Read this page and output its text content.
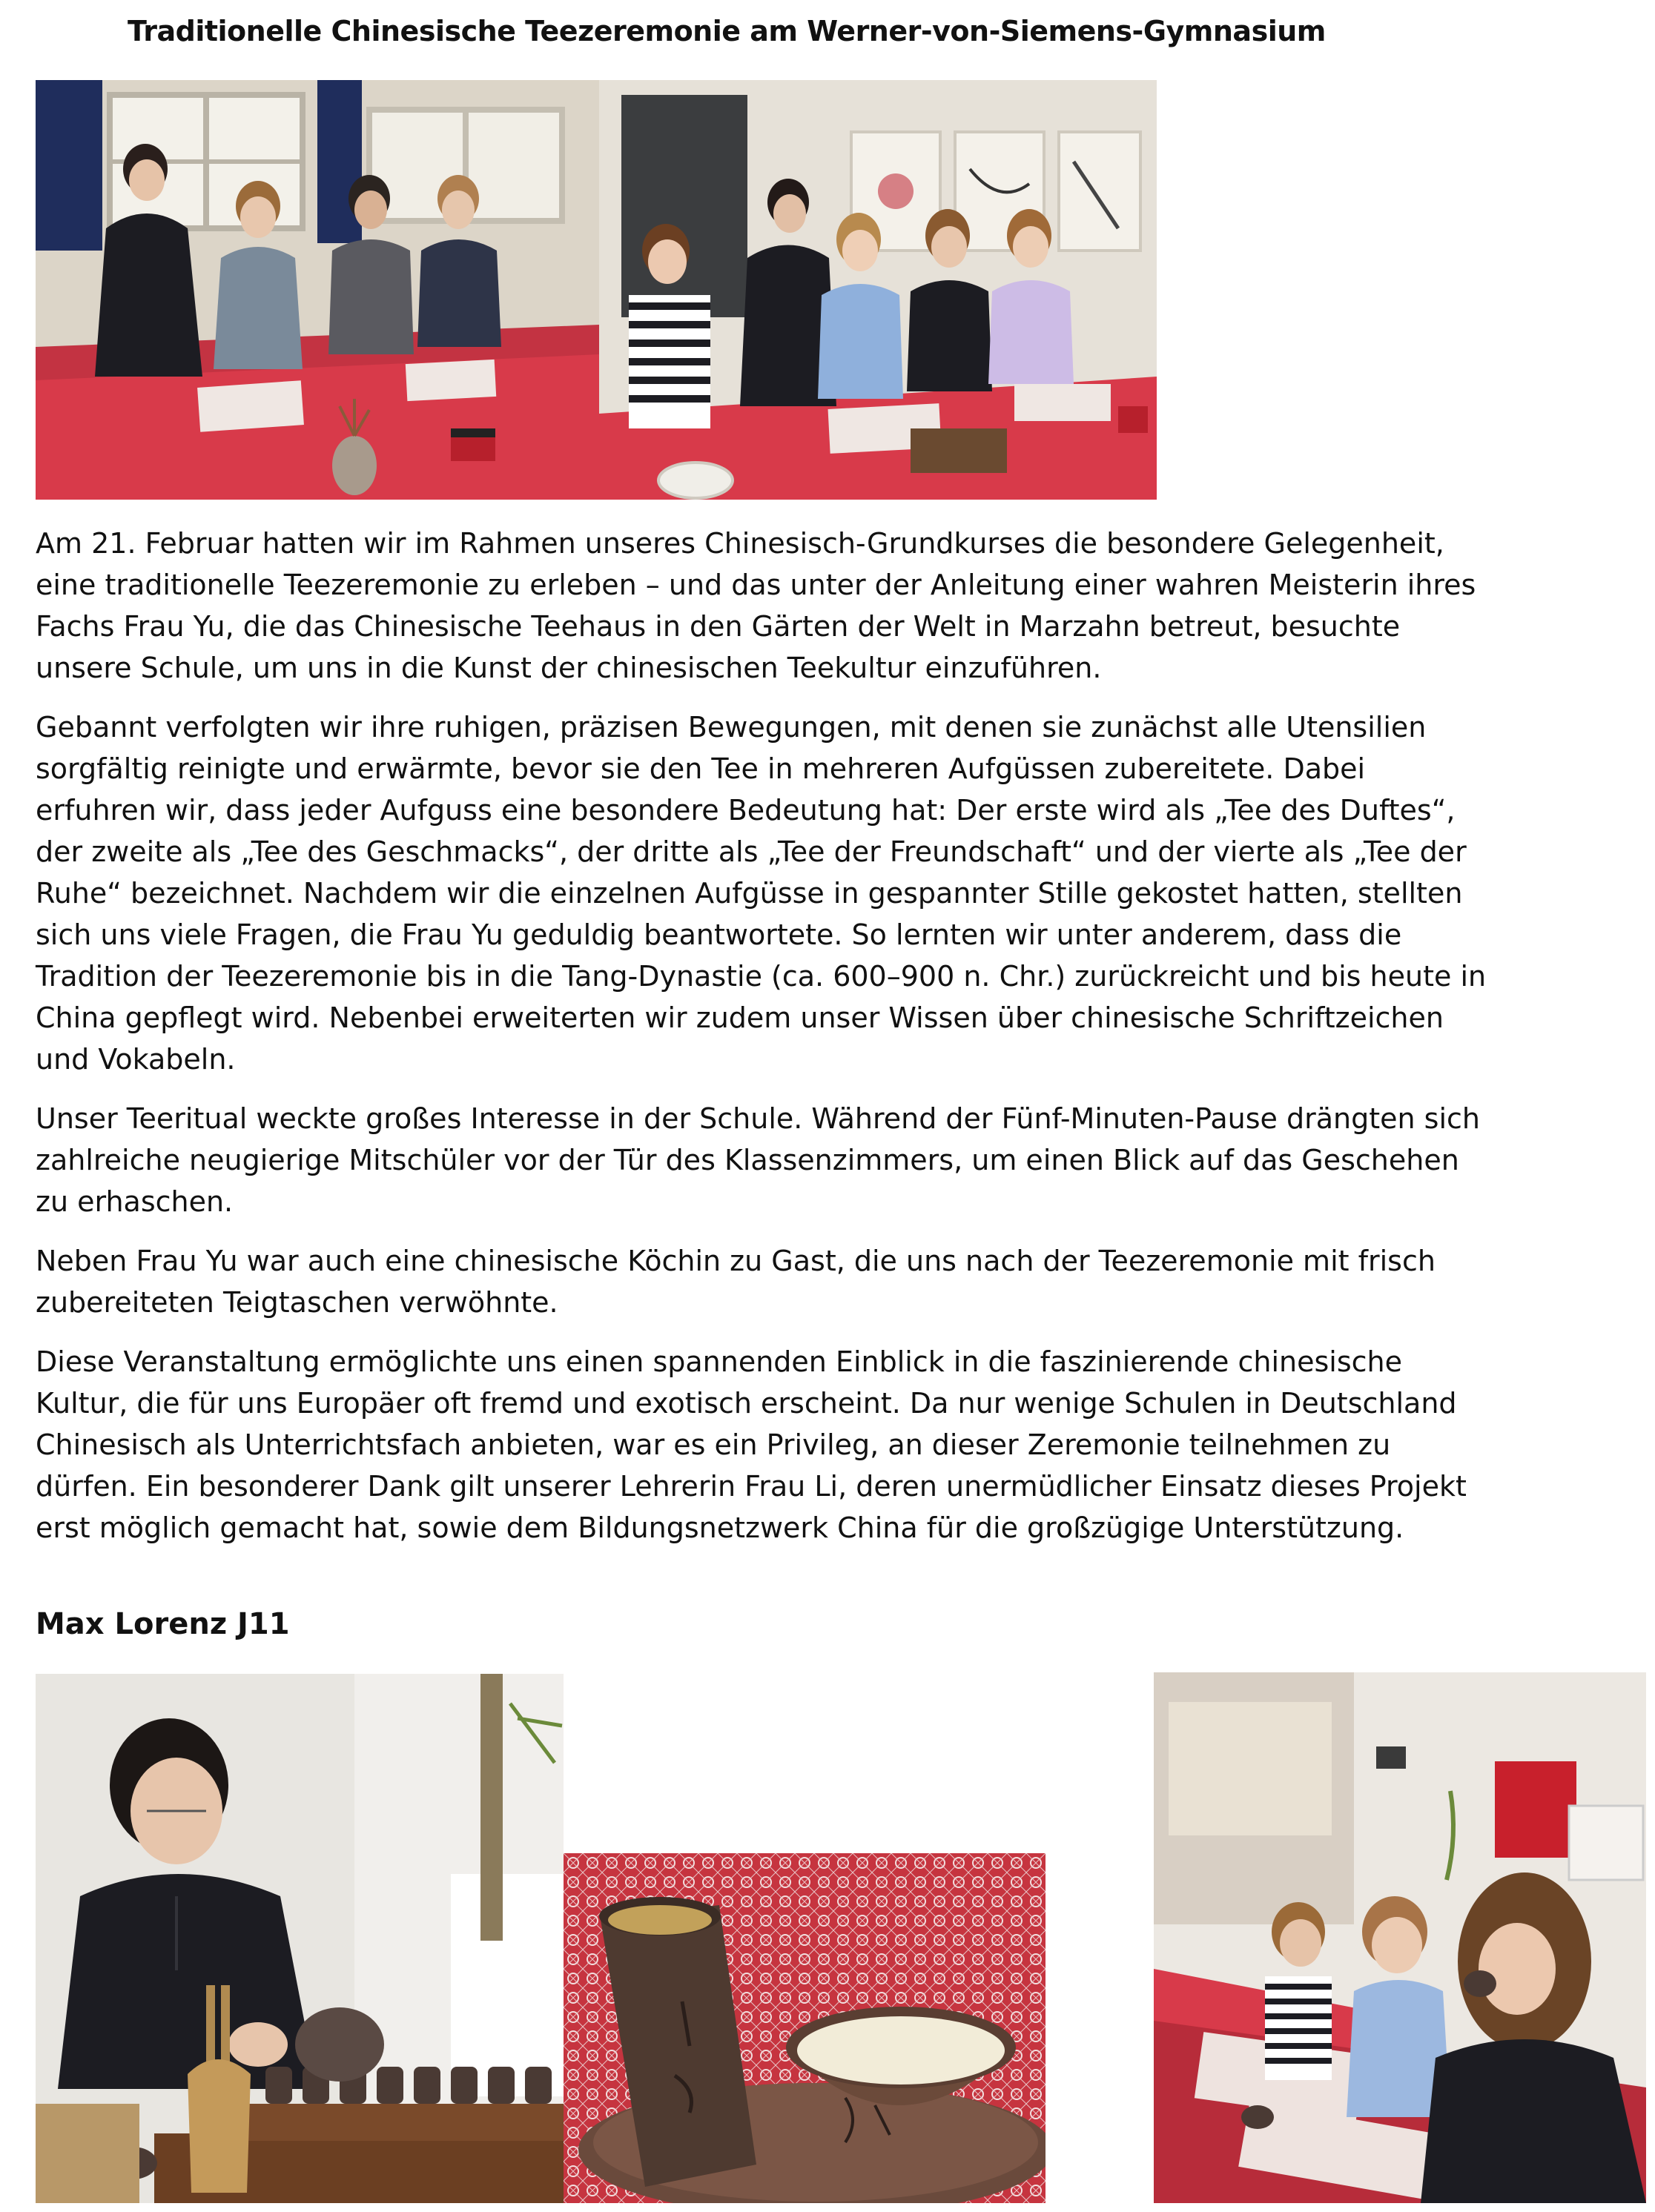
Traditionelle Chinesische Teezeremonie am Werner-von-Siemens-Gymnasium

Am 21. Februar hatten wir im Rahmen unseres Chinesisch-Grundkurses die besondere Gelegenheit, eine traditionelle Teezeremonie zu erleben – und das unter der Anleitung einer wahren Meisterin ihres Fachs Frau Yu, die das Chinesische Teehaus in den Gärten der Welt in Marzahn betreut, besuchte unsere Schule, um uns in die Kunst der chinesischen Teekultur einzuführen.

Gebannt verfolgten wir ihre ruhigen, präzisen Bewegungen, mit denen sie zunächst alle Utensilien sorgfältig reinigte und erwärmte, bevor sie den Tee in mehreren Aufgüssen zubereitete. Dabei erfuhren wir, dass jeder Aufguss eine besondere Bedeutung hat: Der erste wird als „Tee des Duftes“, der zweite als „Tee des Geschmacks“, der dritte als „Tee der Freundschaft“ und der vierte als „Tee der Ruhe“ bezeichnet. Nachdem wir die einzelnen Aufgüsse in gespannter Stille gekostet hatten, stellten sich uns viele Fragen, die Frau Yu geduldig beantwortete. So lernten wir unter anderem, dass die Tradition der Teezeremonie bis in die Tang-Dynastie (ca. 600–900 n. Chr.) zurückreicht und bis heute in China gepflegt wird. Nebenbei erweiterten wir zudem unser Wissen über chinesische Schriftzeichen und Vokabeln.

Unser Teeritual weckte großes Interesse in der Schule. Während der Fünf-Minuten-Pause drängten sich zahlreiche neugierige Mitschüler vor der Tür des Klassenzimmers, um einen Blick auf das Geschehen zu erhaschen.

Neben Frau Yu war auch eine chinesische Köchin zu Gast, die uns nach der Teezeremonie mit frisch zubereiteten Teigtaschen verwöhnte.

Diese Veranstaltung ermöglichte uns einen spannenden Einblick in die faszinierende chinesische Kultur, die für uns Europäer oft fremd und exotisch erscheint. Da nur wenige Schulen in Deutschland Chinesisch als Unterrichtsfach anbieten, war es ein Privileg, an dieser Zeremonie teilnehmen zu dürfen. Ein besonderer Dank gilt unserer Lehrerin Frau Li, deren unermüdlicher Einsatz dieses Projekt erst möglich gemacht hat, sowie dem Bildungsnetzwerk China für die großzügige Unterstützung.

Max Lorenz J11
